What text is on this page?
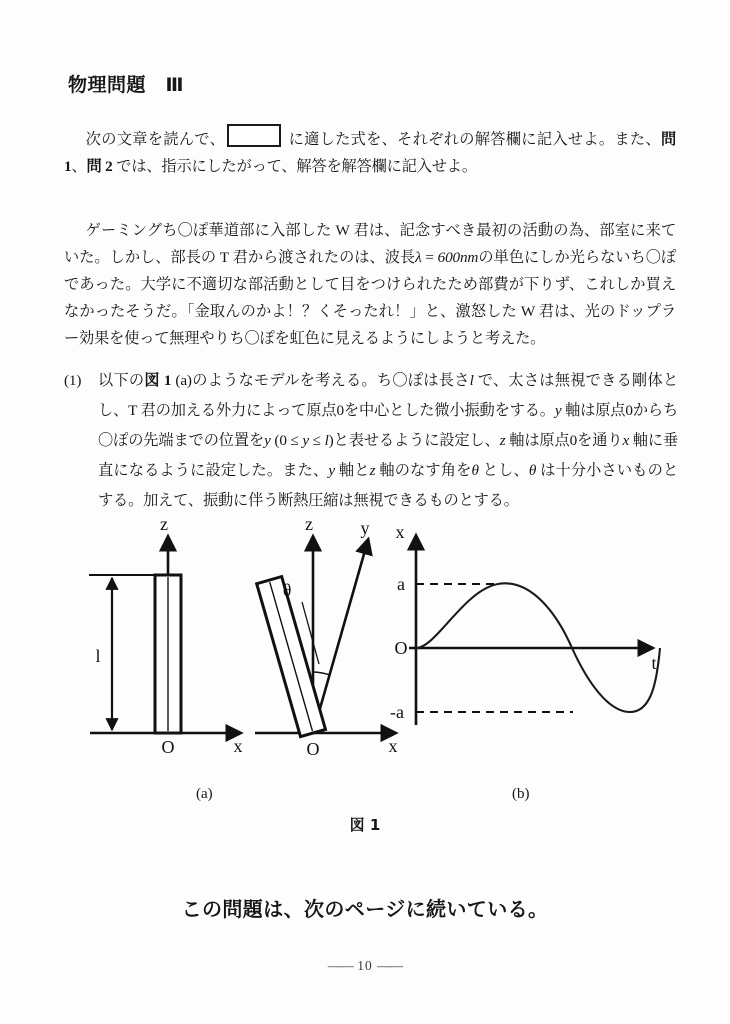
物理問題　Ⅲ
次の文章を読んで、	に適した式を、それぞれの解答欄に記入せよ。また、問 1、問 2 では、指示にしたがって、解答を解答欄に記入せよ。
ゲーミングち〇ぽ華道部に入部した W 君は、記念すべき最初の活動の為、部室に来ていた。しかし、部長の T 君から渡されたのは、波長λ = 600nmの単色にしか光らないち〇ぽであった。大学に不適切な部活動として目をつけられたため部費が下りず、これしか買えなかったそうだ。「金取んのかよ！？くそったれ！」と、激怒した W 君は、光のドップラー効果を使って無理やりち〇ぽを虹色に見えるようにしようと考えた。
(1)	以下の図 1 (a)のようなモデルを考える。ち〇ぽは長さl で、太さは無視できる剛体とし、T 君の加える外力によって原点0を中心とした微小振動をする。y 軸は原点0からち〇ぽの先端までの位置をy (0 ≤ y ≤ l)と表せるように設定し、z 軸は原点0を通りx 軸に垂直になるように設定した。また、y 軸とz 軸のなす角をθ とし、θ は十分小さいものとする。加えて、振動に伴う断熱圧縮は無視できるものとする。
z
x
O
l
z	y
x
O
θ
x
t
a
-a
O
(a)	(b)
図 1
この問題は、次のページに続いている。
—— 10 ——
